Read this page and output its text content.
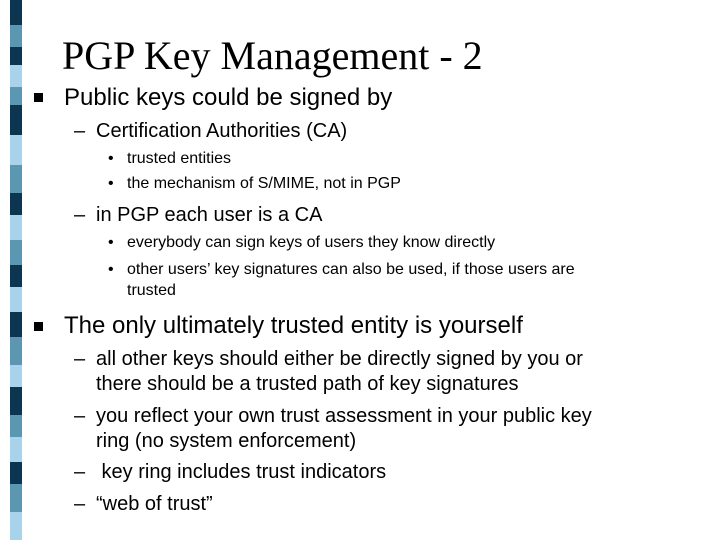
PGP Key Management - 2
Public keys could be signed by
– Certification Authorities (CA)
• trusted entities
• the mechanism of S/MIME, not in PGP
– in PGP each user is a CA
• everybody can sign keys of users they know directly
• other users’ key signatures can also be used, if those users are
trusted
The only ultimately trusted entity is yourself
– all other keys should either be directly signed by you or
there should be a trusted path of key signatures
– you reflect your own trust assessment in your public key
ring (no system enforcement)
– key ring includes trust indicators
– “web of trust”
